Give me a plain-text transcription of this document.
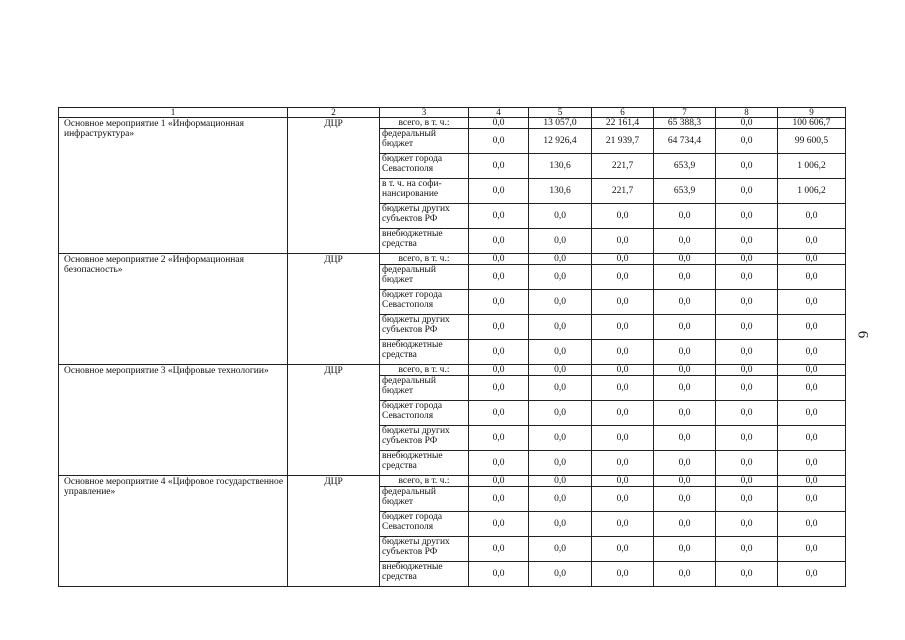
1	2	3	4	5	6	7	8	9
Основное мероприятие 1 «Информационная инфраструктура»	ДЦР	всего, в т. ч.:	0,0	13 057,0	22 161,4	65 388,3	0,0	100 606,7
		федеральный бюджет	0,0	12 926,4	21 939,7	64 734,4	0,0	99 600,5
		бюджет города Севастополя	0,0	130,6	221,7	653,9	0,0	1 006,2
		в т. ч. на софи-нансирование	0,0	130,6	221,7	653,9	0,0	1 006,2
		бюджеты других субъектов РФ	0,0	0,0	0,0	0,0	0,0	0,0
		внебюджетные средства	0,0	0,0	0,0	0,0	0,0	0,0
Основное мероприятие 2 «Информационная безопасность»	ДЦР	всего, в т. ч.:	0,0	0,0	0,0	0,0	0,0	0,0
		федеральный бюджет	0,0	0,0	0,0	0,0	0,0	0,0
		бюджет города Севастополя	0,0	0,0	0,0	0,0	0,0	0,0
		бюджеты других субъектов РФ	0,0	0,0	0,0	0,0	0,0	0,0
		внебюджетные средства	0,0	0,0	0,0	0,0	0,0	0,0
Основное мероприятие 3 «Цифровые технологии»	ДЦР	всего, в т. ч.:	0,0	0,0	0,0	0,0	0,0	0,0
		федеральный бюджет	0,0	0,0	0,0	0,0	0,0	0,0
		бюджет города Севастополя	0,0	0,0	0,0	0,0	0,0	0,0
		бюджеты других субъектов РФ	0,0	0,0	0,0	0,0	0,0	0,0
		внебюджетные средства	0,0	0,0	0,0	0,0	0,0	0,0
Основное мероприятие 4 «Цифровое государственное управление»	ДЦР	всего, в т. ч.:	0,0	0,0	0,0	0,0	0,0	0,0
		федеральный бюджет	0,0	0,0	0,0	0,0	0,0	0,0
		бюджет города Севастополя	0,0	0,0	0,0	0,0	0,0	0,0
		бюджеты других субъектов РФ	0,0	0,0	0,0	0,0	0,0	0,0
		внебюджетные средства	0,0	0,0	0,0	0,0	0,0	0,0
6
